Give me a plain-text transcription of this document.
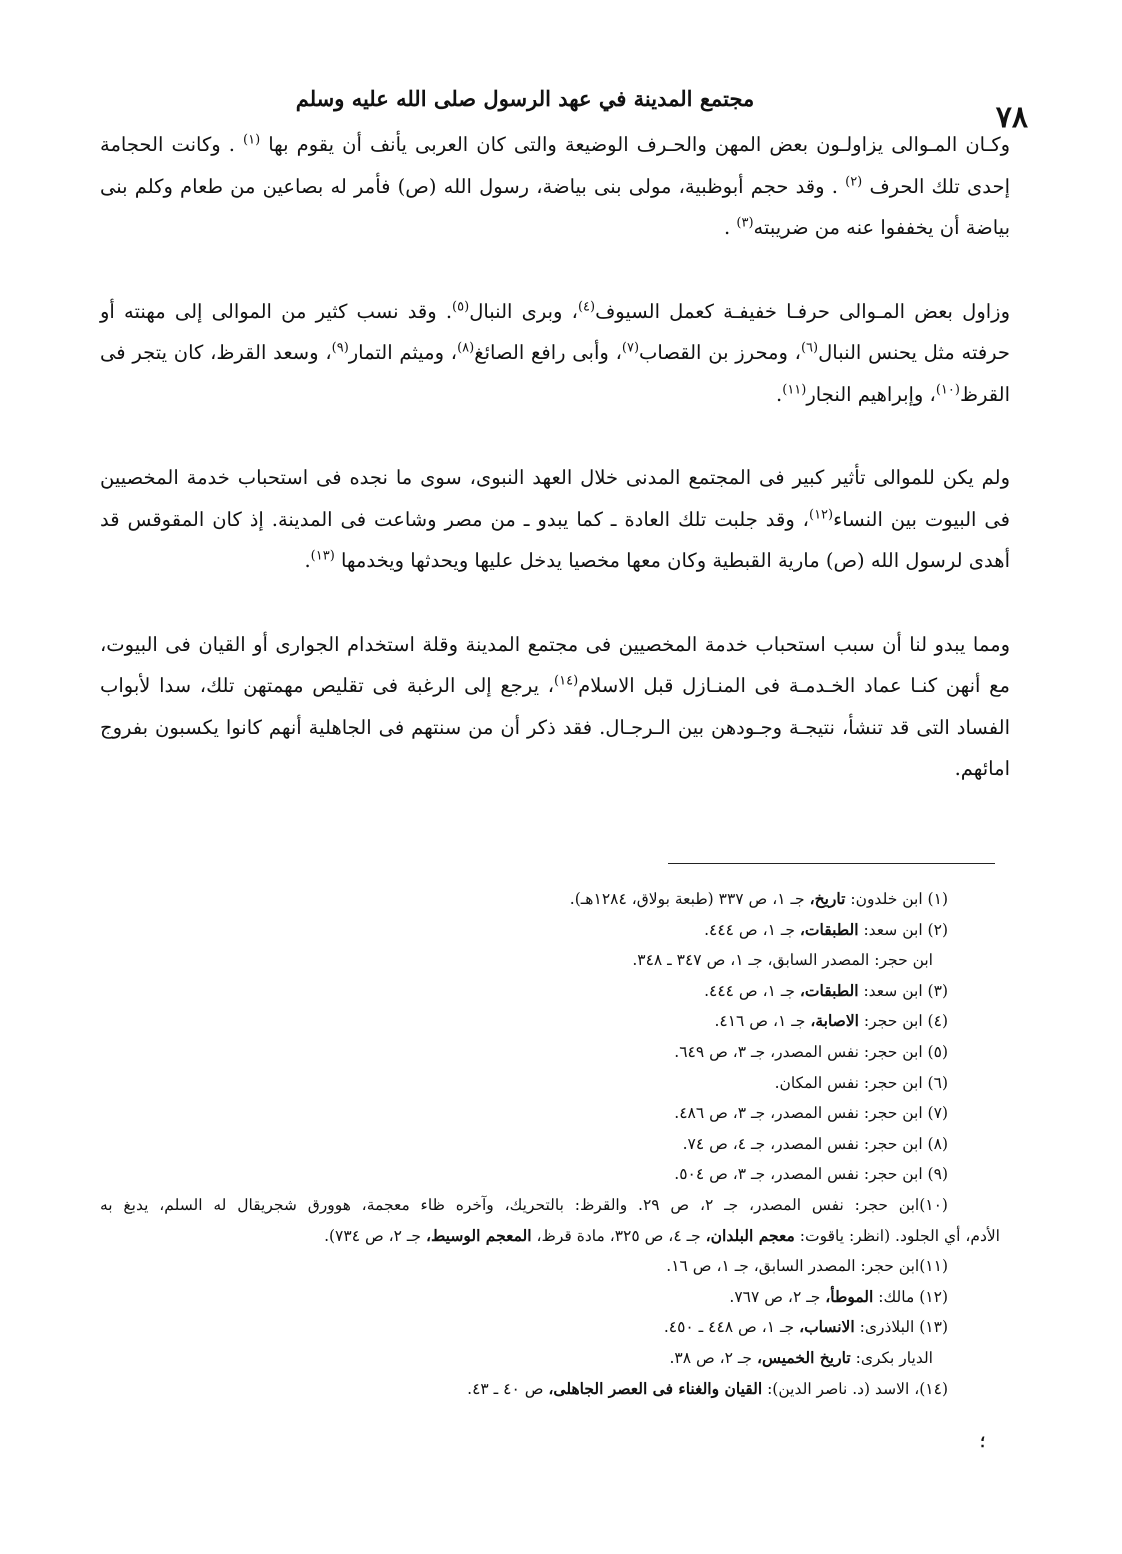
مجتمع المدينة في عهد الرسول صلى الله عليه وسلم
٧٨

وكـان المـوالى يزاولـون بعض المهن والحـرف الوضيعة والتى كان العربى يأنف أن يقوم بها $^{(١)}$ . وكانت الحجامة إحدى تلك الحرف $^{(٢)}$ . وقد حجم أبوظبية، مولى بنى بياضة، رسول الله (ص) فأمر له بصاعين من طعام وكلم بنى بياضة أن يخففوا عنه من ضريبته$^{(٣)}$ .

وزاول بعض المـوالى حرفـا خفيفـة كعمل السيوف$^{(٤)}$، وبرى النبال$^{(٥)}$. وقد نسب كثير من الموالى إلى مهنته أو حرفته مثل يحنس النبال$^{(٦)}$، ومحرز بن القصاب$^{(٧)}$، وأبى رافع الصائغ$^{(٨)}$، وميثم التمار$^{(٩)}$، وسعد القرظ، كان يتجر فى القرظ$^{(١٠)}$، وإبراهيم النجار$^{(١١)}$.

ولم يكن للموالى تأثير كبير فى المجتمع المدنى خلال العهد النبوى، سوى ما نجده فى استحباب خدمة المخصيين فى البيوت بين النساء$^{(١٢)}$، وقد جلبت تلك العادة ـ كما يبدو ـ من مصر وشاعت فى المدينة. إذ كان المقوقس قد أهدى لرسول الله (ص) مارية القبطية وكان معها مخصيا يدخل عليها ويحدثها ويخدمها $^{(١٣)}$.

ومما يبدو لنا أن سبب استحباب خدمة المخصيين فى مجتمع المدينة وقلة استخدام الجوارى أو القيان فى البيوت، مع أنهن كنـا عماد الخـدمـة فى المنـازل قبل الاسلام$^{(١٤)}$، يرجع إلى الرغبة فى تقليص مهمتهن تلك، سدا لأبواب الفساد التى قد تنشأ، نتيجـة وجـودهن بين الـرجـال. فقد ذكر أن من سنتهم فى الجاهلية أنهم كانوا يكسبون بفروج امائهم.

(١) ابن خلدون: تاريخ، جـ ١، ص ٣٣٧ (طبعة بولاق، ١٢٨٤هـ).

(٢) ابن سعد: الطبقات، جـ ١، ص ٤٤٤.

ابن حجر: المصدر السابق، جـ ١، ص ٣٤٧ ـ ٣٤٨.

(٣) ابن سعد: الطبقات، جـ ١، ص ٤٤٤.

(٤) ابن حجر: الاصابة، جـ ١، ص ٤١٦.

(٥) ابن حجر: نفس المصدر، جـ ٣، ص ٦٤٩.

(٦) ابن حجر: نفس المكان.

(٧) ابن حجر: نفس المصدر، جـ ٣، ص ٤٨٦.

(٨) ابن حجر: نفس المصدر، جـ ٤، ص ٧٤.

(٩) ابن حجر: نفس المصدر، جـ ٣، ص ٥٠٤.

(١٠)ابن حجر: نفس المصدر، جـ ٢، ص ٢٩. والقرظ: بالتحريك، وآخره ظاء معجمة، هوورق شجريقال له السلم، يدبغ به

الأدم، أي الجلود. (انظر: ياقوت: معجم البلدان، جـ ٤، ص ٣٢٥، مادة قرظ، المعجم الوسيط، جـ ٢، ص ٧٣٤).

(١١)ابن حجر: المصدر السابق، جـ ١، ص ١٦.

(١٢) مالك: الموطأ، جـ ٢، ص ٧٦٧.

(١٣) البلاذرى: الانساب، جـ ١، ص ٤٤٨ ـ ٤٥٠.

الديار بكرى: تاريخ الخميس، جـ ٢، ص ٣٨.

(١٤)، الاسد (د. ناصر الدين): القيان والغناء فى العصر الجاهلى، ص ٤٠ ـ ٤٣.

؛
